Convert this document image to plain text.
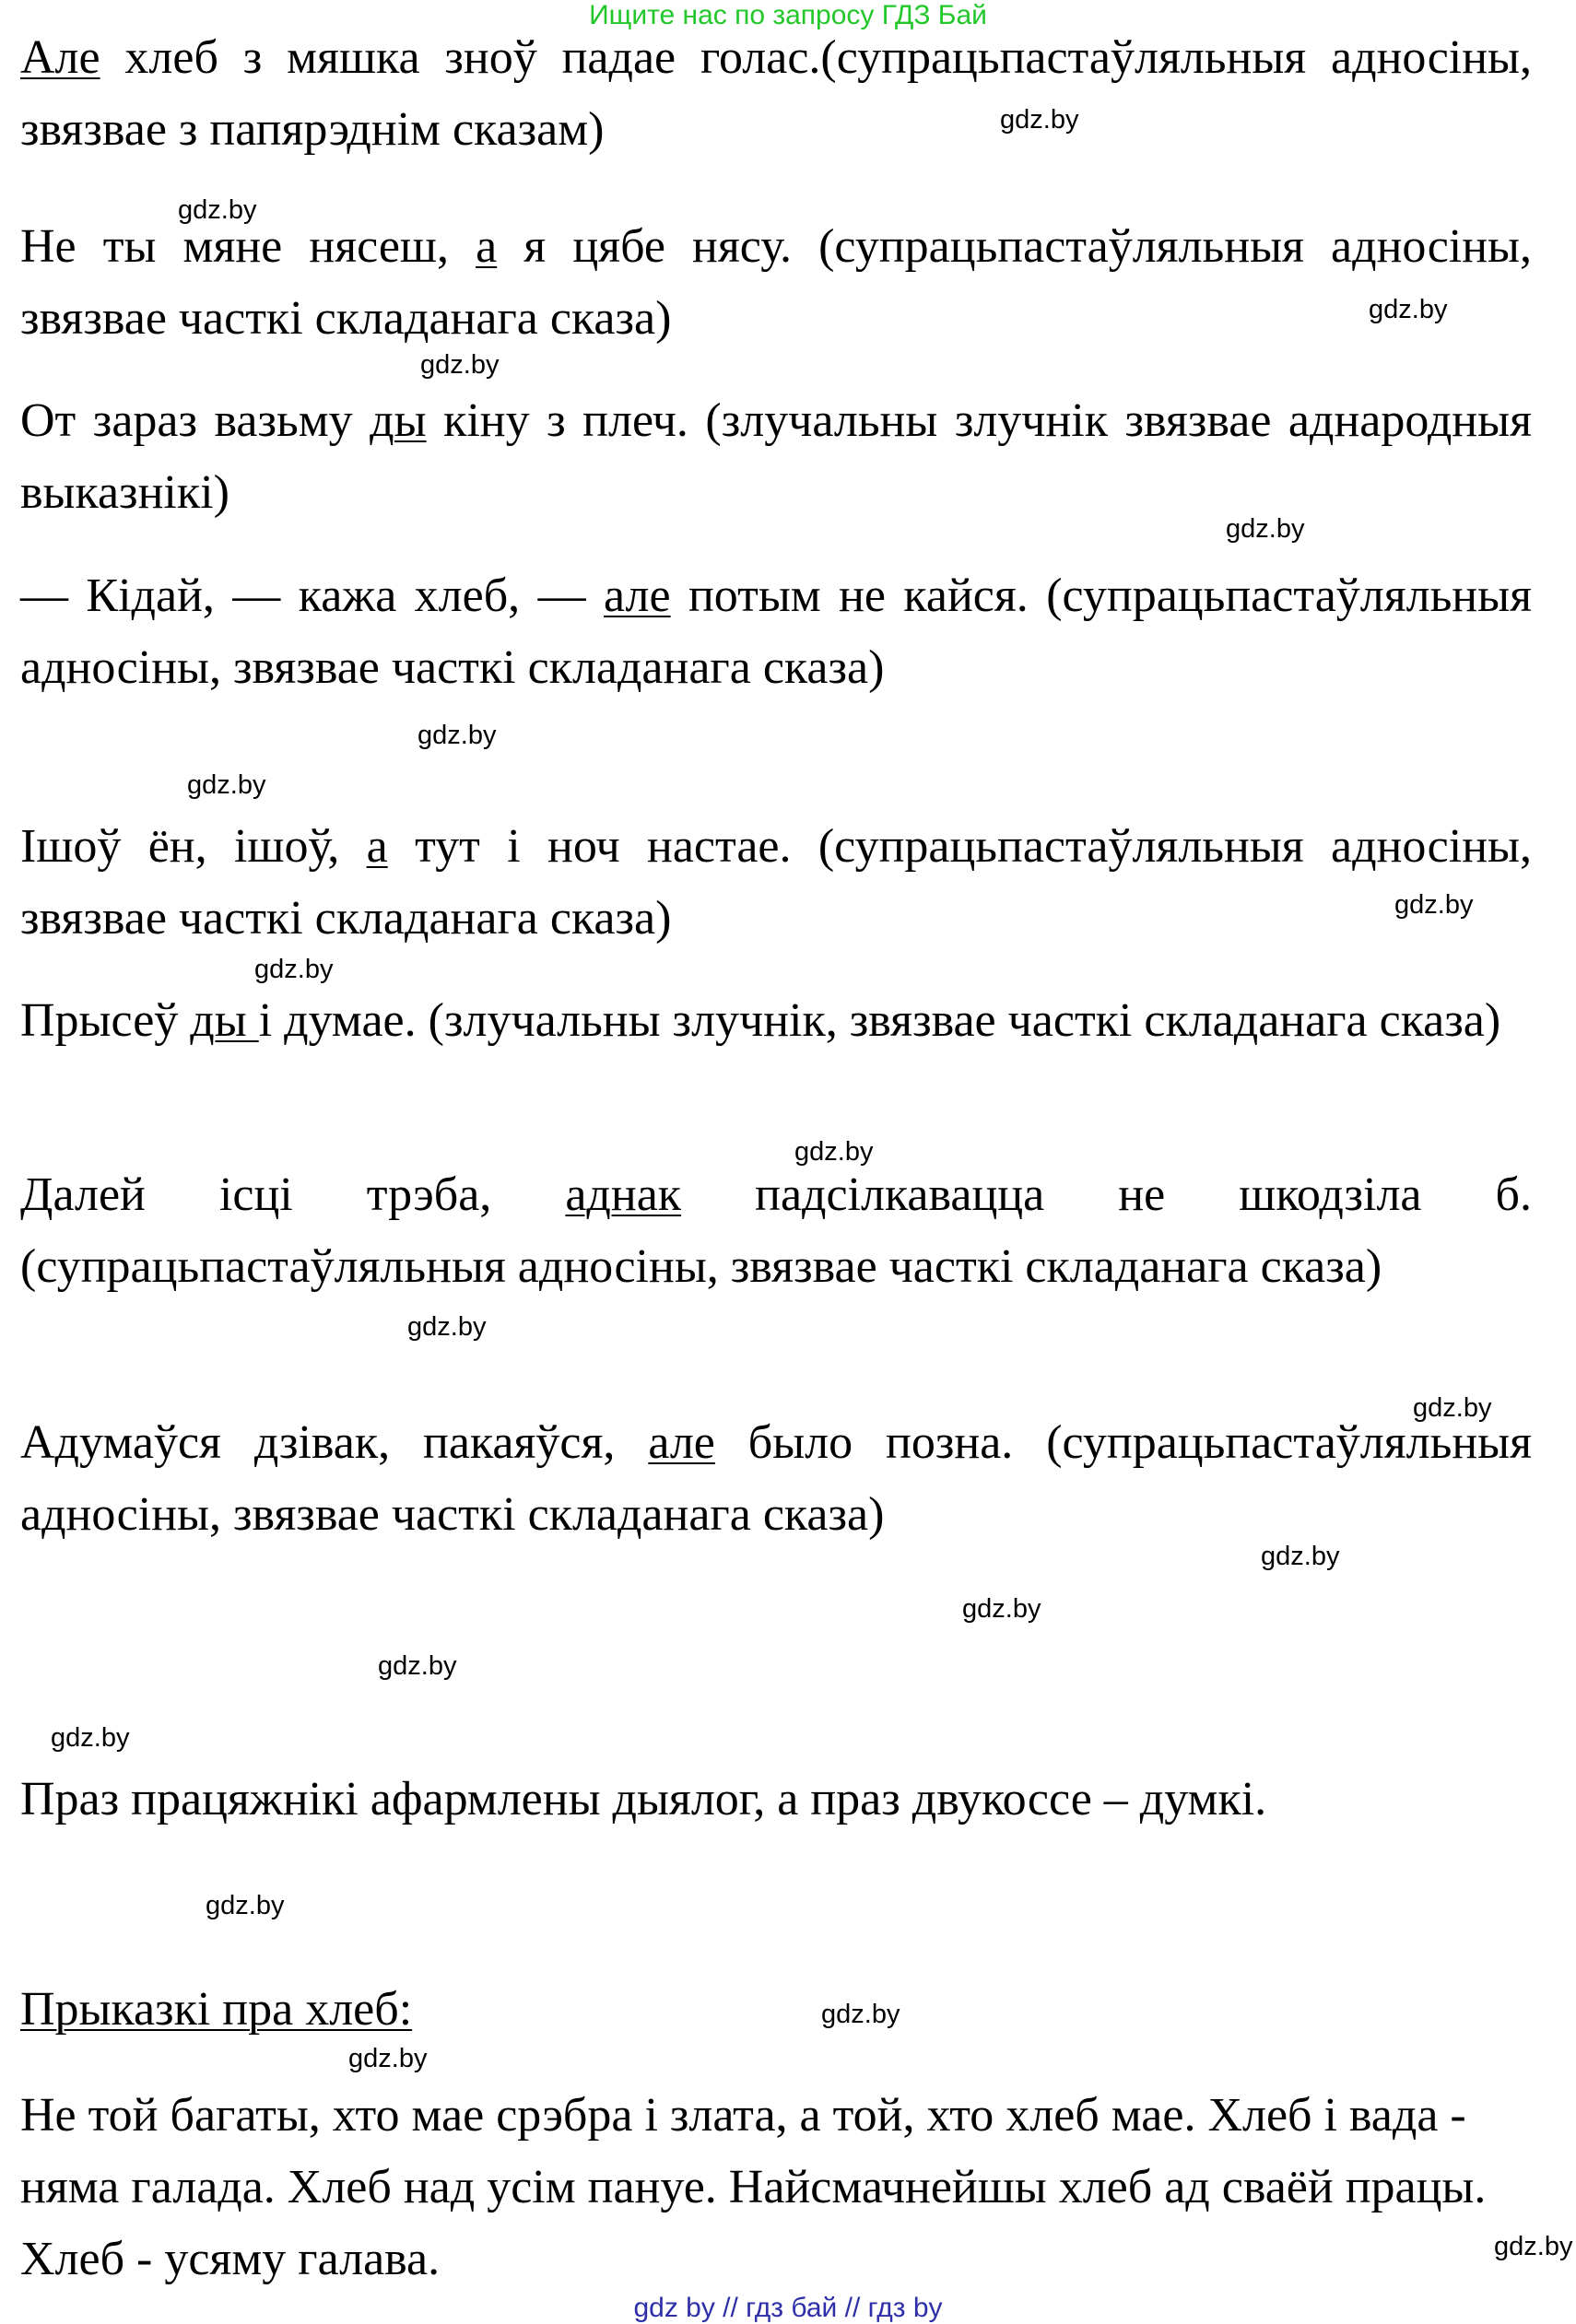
Ищите нас по запросу ГДЗ Бай
Але хлеб з мяшка зноў падае голас.(супрацьпастаўляльныя адносіны, звязвае з папярэднім сказам)
Не ты мяне нясеш, а я цябе нясу. (супрацьпастаўляльныя адносіны, звязвае часткі складанага сказа)
От зараз вазьму ды кіну з плеч. (злучальны злучнік звязвае аднародныя выказнікі)
— Кідай, — кажа хлеб, — але потым не кайся. (супрацьпастаўляльныя адносіны, звязвае часткі складанага сказа)
Ішоў ён, ішоў, а тут і ноч настае. (супрацьпастаўляльныя адносіны, звязвае часткі складанага сказа)
Прысеў ды і думае. (злучальны злучнік, звязвае часткі складанага сказа)
Далей ісці трэба, аднак падсілкавацца не шкодзіла б. (супрацьпастаўляльныя адносіны, звязвае часткі складанага сказа)
Адумаўся дзівак, пакаяўся, але было позна. (супрацьпастаўляльныя адносіны, звязвае часткі складанага сказа)
Праз працяжнікі афармлены дыялог, а праз двукоссе – думкі.
Прыказкі пра хлеб:
Не той багаты, хто мае срэбра і злата, а той, хто хлеб мае. Хлеб і вада - няма галада. Хлеб над усім пануе. Найсмачнейшы хлеб ад сваёй працы. Хлеб - усяму галава.
gdz.by
gdz.by
gdz.by
gdz.by
gdz.by
gdz.by
gdz.by
gdz.by
gdz.by
gdz.by
gdz.by
gdz.by
gdz.by
gdz.by
gdz.by
gdz.by
gdz.by
gdz.by
gdz.by
gdz.by
gdz by // гдз бай // гдз by
